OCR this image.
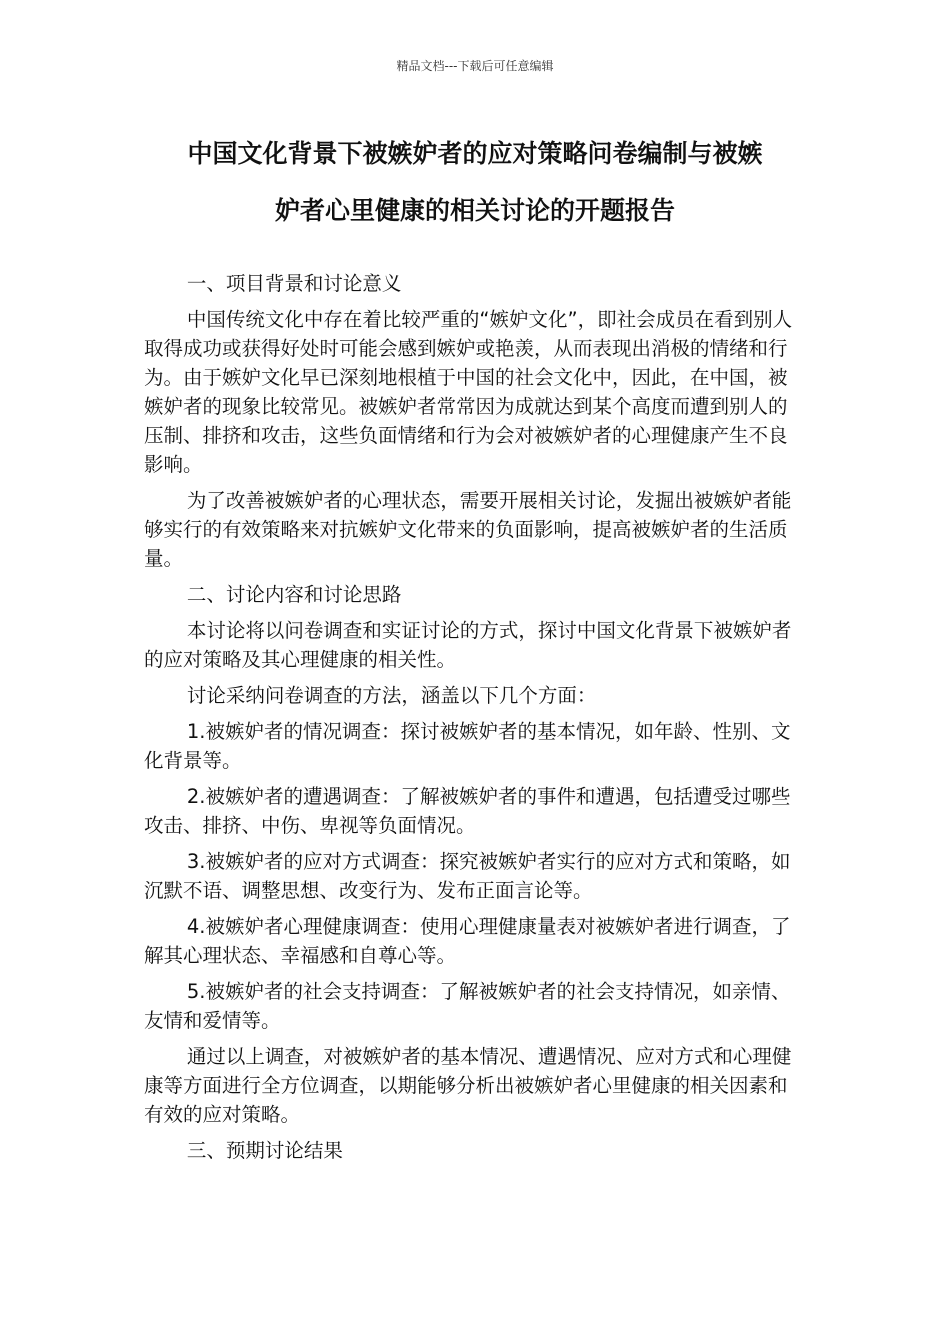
精品文档---下载后可任意编辑
中国文化背景下被嫉妒者的应对策略问卷编制与被嫉
妒者心里健康的相关讨论的开题报告

一、项目背景和讨论意义

中国传统文化中存在着比较严重的“嫉妒文化”，即社会成员在看到别人取得成功或获得好处时可能会感到嫉妒或艳羡，从而表现出消极的情绪和行为。由于嫉妒文化早已深刻地根植于中国的社会文化中，因此，在中国，被嫉妒者的现象比较常见。被嫉妒者常常因为成就达到某个高度而遭到别人的压制、排挤和攻击，这些负面情绪和行为会对被嫉妒者的心理健康产生不良影响。

为了改善被嫉妒者的心理状态，需要开展相关讨论，发掘出被嫉妒者能够实行的有效策略来对抗嫉妒文化带来的负面影响，提高被嫉妒者的生活质量。

二、讨论内容和讨论思路

本讨论将以问卷调查和实证讨论的方式，探讨中国文化背景下被嫉妒者的应对策略及其心理健康的相关性。

讨论采纳问卷调查的方法，涵盖以下几个方面：

1.被嫉妒者的情况调查：探讨被嫉妒者的基本情况，如年龄、性别、文化背景等。

2.被嫉妒者的遭遇调查：了解被嫉妒者的事件和遭遇，包括遭受过哪些攻击、排挤、中伤、卑视等负面情况。

3.被嫉妒者的应对方式调查：探究被嫉妒者实行的应对方式和策略，如沉默不语、调整思想、改变行为、发布正面言论等。

4.被嫉妒者心理健康调查：使用心理健康量表对被嫉妒者进行调查，了解其心理状态、幸福感和自尊心等。

5.被嫉妒者的社会支持调查：了解被嫉妒者的社会支持情况，如亲情、友情和爱情等。

通过以上调查，对被嫉妒者的基本情况、遭遇情况、应对方式和心理健康等方面进行全方位调查，以期能够分析出被嫉妒者心里健康的相关因素和有效的应对策略。

三、预期讨论结果
